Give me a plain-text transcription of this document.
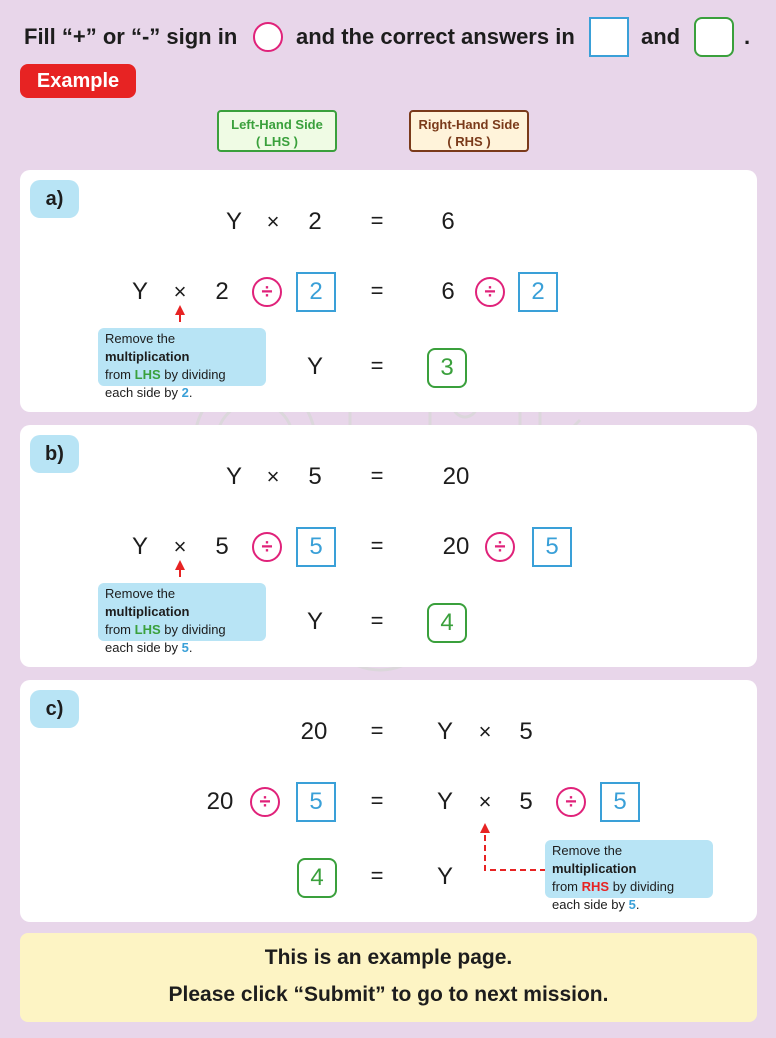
Fill “+” or “-” sign in	and the correct answers in	and	.
Example
Left-Hand Side
( LHS )
Right-Hand Side
( RHS )
a)
Y	×	2	=	6
Y	×	2	÷	2	=	6	÷	2
Remove the multiplication
from LHS by dividing
each side by 2.
Y	=	3
b)
Y	×	5	=	20
Y	×	5	÷	5	=	20	÷	5
Remove the multiplication
from LHS by dividing
each side by 5.
Y	=	4
c)
20	=	Y	×	5
20	÷	5	=	Y	×	5	÷	5
Remove the multiplication
from RHS by dividing
each side by 5.
4	=	Y
This is an example page.
Please click “Submit” to go to next mission.
